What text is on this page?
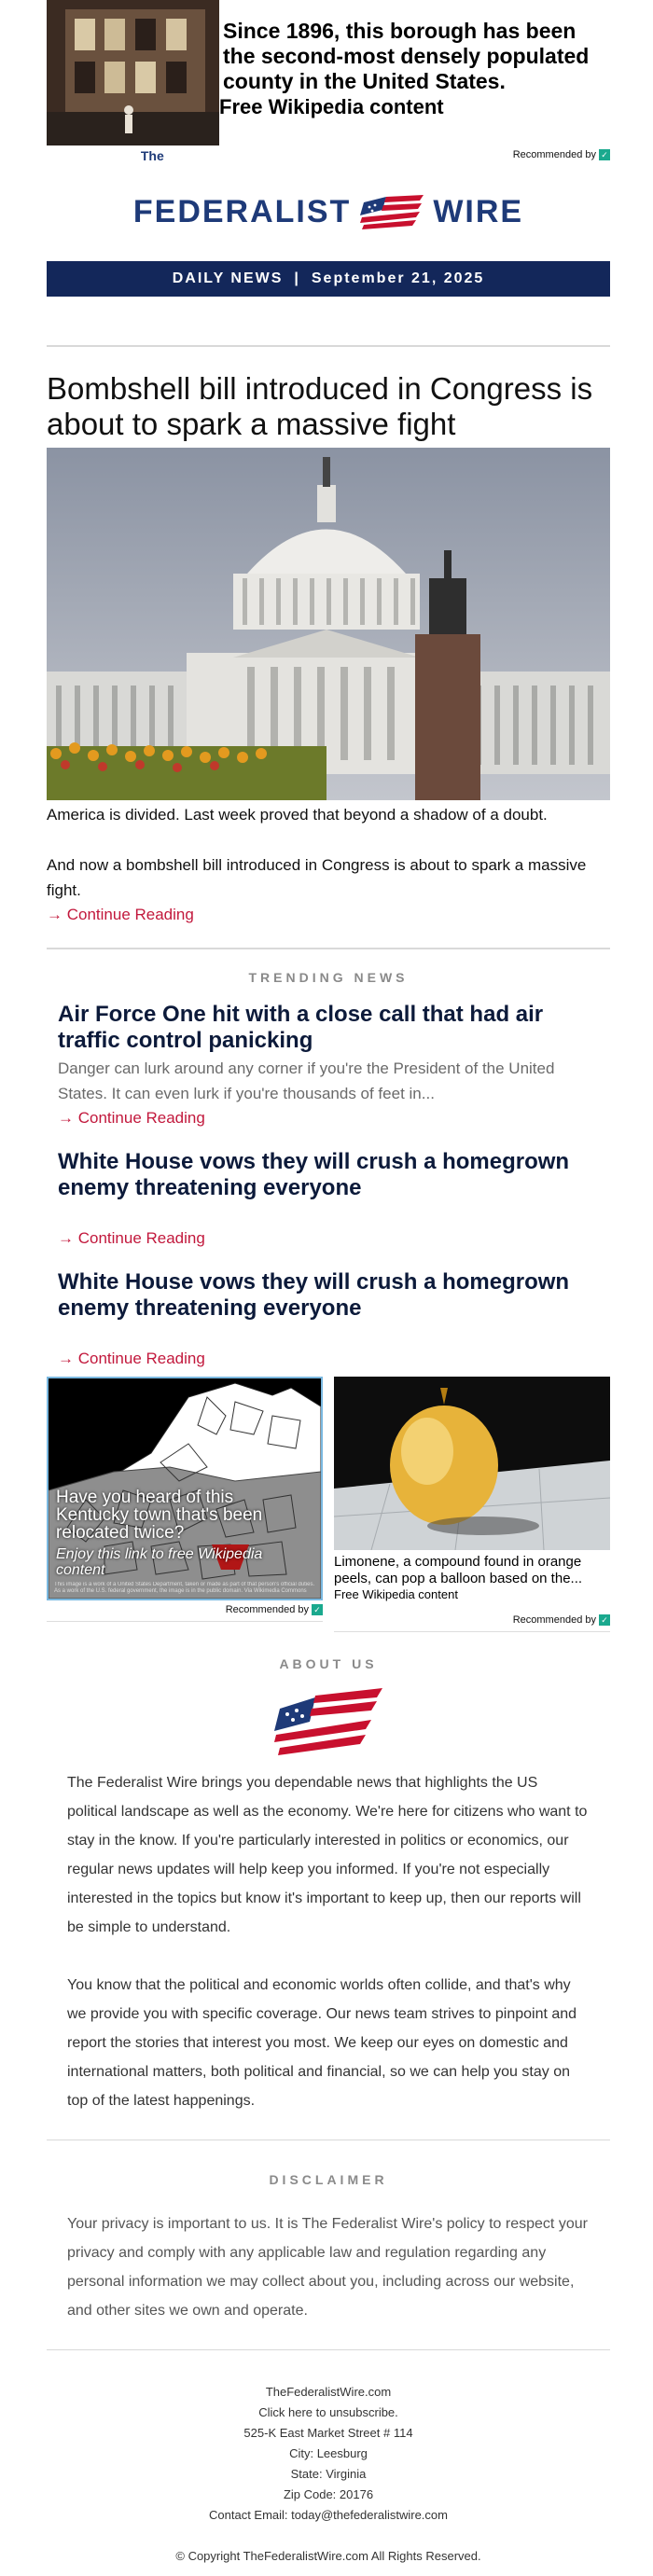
Since 1896, this borough has been the second-most densely populated county in the United States.
Free Wikipedia content
Recommended by ✓
The
FEDERALIST	WIRE
DAILY NEWS | September 21, 2025
Bombshell bill introduced in Congress is about to spark a massive fight
America is divided. Last week proved that beyond a shadow of a doubt.
And now a bombshell bill introduced in Congress is about to spark a massive fight.
→ Continue Reading
TRENDING NEWS
Air Force One hit with a close call that had air traffic control panicking

Danger can lurk around any corner if you're the President of the United States. It can even lurk if you're thousands of feet in...

→ Continue Reading
White House vows they will crush a homegrown enemy threatening everyone

→ Continue Reading
White House vows they will crush a homegrown enemy threatening everyone

→ Continue Reading
Have you heard of this Kentucky town that's been relocated twice?
Enjoy this link to free Wikipedia content
This image is a work of a United States Department, taken or made as part of that person's official duties. As a work of the U.S. federal government, the image is in the public domain. Via Wikimedia Commons
Recommended by ✓
Limonene, a compound found in orange peels, can pop a balloon based on the...
Free Wikipedia content
Recommended by ✓
ABOUT US
The Federalist Wire brings you dependable news that highlights the US political landscape as well as the economy. We're here for citizens who want to stay in the know. If you're particularly interested in politics or economics, our regular news updates will help keep you informed. If you're not especially interested in the topics but know it's important to keep up, then our reports will be simple to understand.
You know that the political and economic worlds often collide, and that's why we provide you with specific coverage. Our news team strives to pinpoint and report the stories that interest you most. We keep our eyes on domestic and international matters, both political and financial, so we can help you stay on top of the latest happenings.
DISCLAIMER
Your privacy is important to us. It is The Federalist Wire's policy to respect your privacy and comply with any applicable law and regulation regarding any personal information we may collect about you, including across our website, and other sites we own and operate.
TheFederalistWire.com
Click here to unsubscribe.
525-K East Market Street # 114
City: Leesburg
State: Virginia
Zip Code: 20176
Contact Email: today@thefederalistwire.com
© Copyright TheFederalistWire.com All Rights Reserved.
